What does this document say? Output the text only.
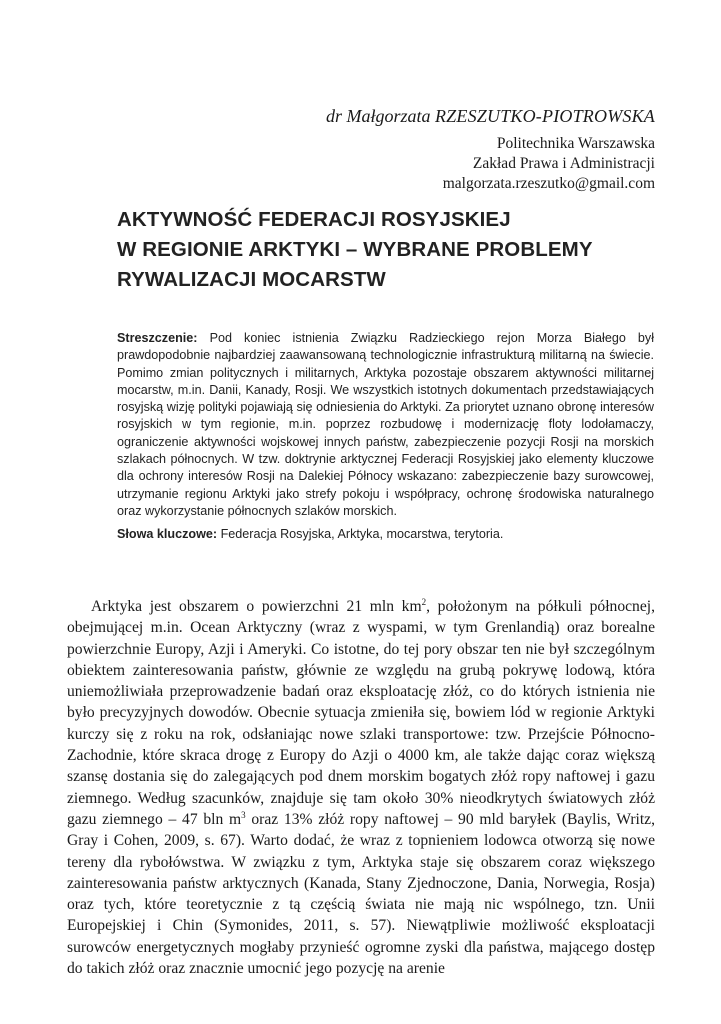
dr Małgorzata RZESZUTKO-PIOTROWSKA
Politechnika Warszawska
Zakład Prawa i Administracji
malgorzata.rzeszutko@gmail.com
AKTYWNOŚĆ FEDERACJI ROSYJSKIEJ
W REGIONIE ARKTYKI – WYBRANE PROBLEMY
RYWALIZACJI MOCARSTW
Streszczenie: Pod koniec istnienia Związku Radzieckiego rejon Morza Białego był prawdopodobnie najbardziej zaawansowaną technologicznie infrastrukturą militarną na świecie. Pomimo zmian politycznych i militarnych, Arktyka pozostaje obszarem aktywności militarnej mocarstw, m.in. Danii, Kanady, Rosji. We wszystkich istotnych dokumentach przedstawiających rosyjską wizję polityki pojawiają się odniesienia do Arktyki. Za priorytet uznano obronę interesów rosyjskich w tym regionie, m.in. poprzez rozbudowę i modernizację floty lodołamaczy, ograniczenie aktywności wojskowej innych państw, zabezpieczenie pozycji Rosji na morskich szlakach północnych. W tzw. doktrynie arktycznej Federacji Rosyjskiej jako elementy kluczowe dla ochrony interesów Rosji na Dalekiej Północy wskazano: zabezpieczenie bazy surowcowej, utrzymanie regionu Arktyki jako strefy pokoju i współpracy, ochronę środowiska naturalnego oraz wykorzystanie północnych szlaków morskich.
Słowa kluczowe: Federacja Rosyjska, Arktyka, mocarstwa, terytoria.
Arktyka jest obszarem o powierzchni 21 mln $km^2$, położonym na półkuli północnej, obejmującej m.in. Ocean Arktyczny (wraz z wyspami, w tym Grenlandią) oraz borealne powierzchnie Europy, Azji i Ameryki. Co istotne, do tej pory obszar ten nie był szczególnym obiektem zainteresowania państw, głównie ze względu na grubą pokrywę lodową, która uniemożliwiała przeprowadzenie badań oraz eksploatację złóż, co do których istnienia nie było precyzyjnych dowodów. Obecnie sytuacja zmieniła się, bowiem lód w regionie Arktyki kurczy się z roku na rok, odsłaniając nowe szlaki transportowe: tzw. Przejście Północno-Zachodnie, które skraca drogę z Europy do Azji o 4000 km, ale także dając coraz większą szansę dostania się do zalegających pod dnem morskim bogatych złóż ropy naftowej i gazu ziemnego. Według szacunków, znajduje się tam około 30% nieodkrytych światowych złóż gazu ziemnego – 47 bln $m^3$ oraz 13% złóż ropy naftowej – 90 mld baryłek (Baylis, Writz, Gray i Cohen, 2009, s. 67). Warto dodać, że wraz z topnieniem lodowca otworzą się nowe tereny dla rybołówstwa. W związku z tym, Arktyka staje się obszarem coraz większego zainteresowania państw arktycznych (Kanada, Stany Zjednoczone, Dania, Norwegia, Rosja) oraz tych, które teoretycznie z tą częścią świata nie mają nic wspólnego, tzn. Unii Europejskiej i Chin (Symonides, 2011, s. 57). Niewątpliwie możliwość eksploatacji surowców energetycznych mogłaby przynieść ogromne zyski dla państwa, mającego dostęp do takich złóż oraz znacznie umocnić jego pozycję na arenie
